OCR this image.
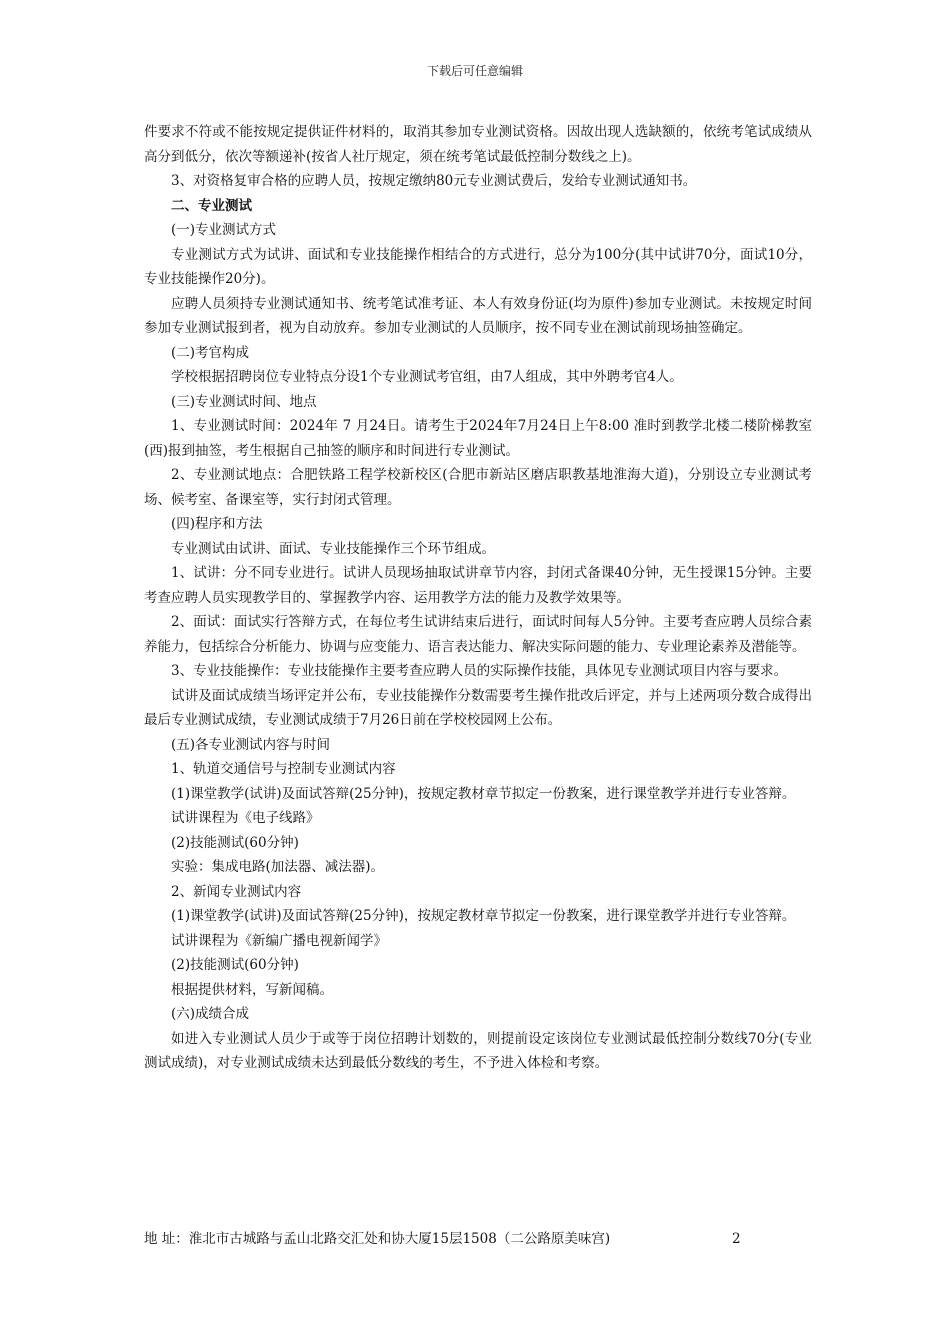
下载后可任意编辑

件要求不符或不能按规定提供证件材料的，取消其参加专业测试资格。因故出现人选缺额的，依统考笔试成绩从高分到低分，依次等额递补(按省人社厅规定，须在统考笔试最低控制分数线之上)。

3、对资格复审合格的应聘人员，按规定缴纳80元专业测试费后，发给专业测试通知书。

二、专业测试

(一)专业测试方式

专业测试方式为试讲、面试和专业技能操作相结合的方式进行，总分为100分(其中试讲70分，面试10分，专业技能操作20分)。

应聘人员须持专业测试通知书、统考笔试准考证、本人有效身份证(均为原件)参加专业测试。未按规定时间参加专业测试报到者，视为自动放弃。参加专业测试的人员顺序，按不同专业在测试前现场抽签确定。

(二)考官构成

学校根据招聘岗位专业特点分设1个专业测试考官组，由7人组成，其中外聘考官4人。

(三)专业测试时间、地点

1、专业测试时间：2024年 7 月24日。请考生于2024年7月24日上午8:00 准时到教学北楼二楼阶梯教室(西)报到抽签，考生根据自己抽签的顺序和时间进行专业测试。

2、专业测试地点：合肥铁路工程学校新校区(合肥市新站区磨店职教基地淮海大道)，分别设立专业测试考场、候考室、备课室等，实行封闭式管理。

(四)程序和方法

专业测试由试讲、面试、专业技能操作三个环节组成。

1、试讲：分不同专业进行。试讲人员现场抽取试讲章节内容，封闭式备课40分钟，无生授课15分钟。主要考查应聘人员实现教学目的、掌握教学内容、运用教学方法的能力及教学效果等。

2、面试：面试实行答辩方式，在每位考生试讲结束后进行，面试时间每人5分钟。主要考查应聘人员综合素养能力，包括综合分析能力、协调与应变能力、语言表达能力、解决实际问题的能力、专业理论素养及潜能等。

3、专业技能操作：专业技能操作主要考查应聘人员的实际操作技能，具体见专业测试项目内容与要求。

试讲及面试成绩当场评定并公布，专业技能操作分数需要考生操作批改后评定，并与上述两项分数合成得出最后专业测试成绩，专业测试成绩于7月26日前在学校校园网上公布。

(五)各专业测试内容与时间

1、轨道交通信号与控制专业测试内容

(1)课堂教学(试讲)及面试答辩(25分钟)，按规定教材章节拟定一份教案，进行课堂教学并进行专业答辩。

试讲课程为《电子线路》

(2)技能测试(60分钟)

实验：集成电路(加法器、减法器)。

2、新闻专业测试内容

(1)课堂教学(试讲)及面试答辩(25分钟)，按规定教材章节拟定一份教案，进行课堂教学并进行专业答辩。

试讲课程为《新编广播电视新闻学》

(2)技能测试(60分钟)

根据提供材料，写新闻稿。

(六)成绩合成

如进入专业测试人员少于或等于岗位招聘计划数的，则提前设定该岗位专业测试最低控制分数线70分(专业测试成绩)，对专业测试成绩未达到最低分数线的考生，不予进入体检和考察。

地 址：淮北市古城路与孟山北路交汇处和协大厦15层1508（二公路原美味宫)	2
